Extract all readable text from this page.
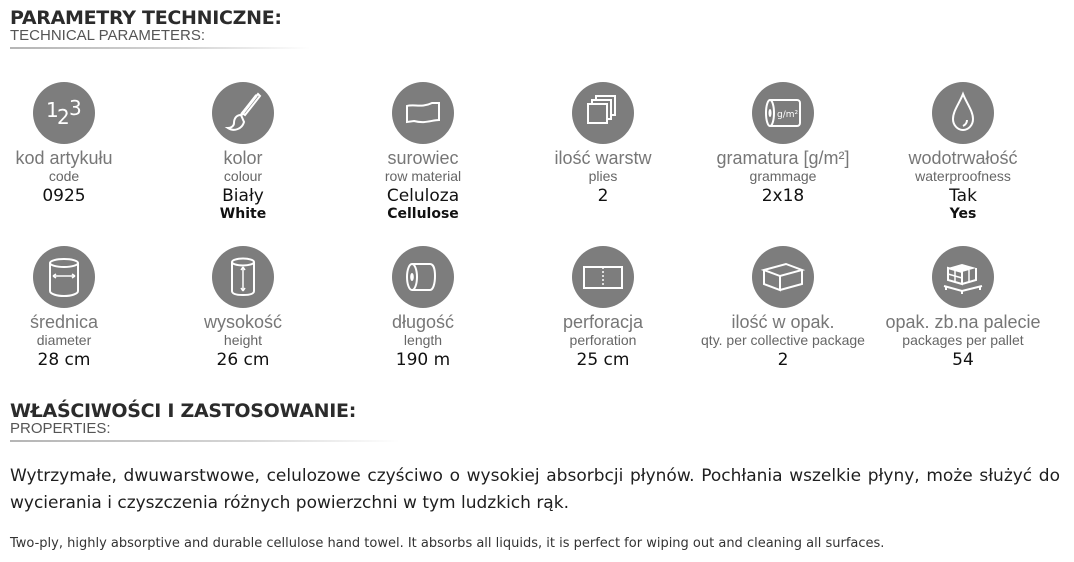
PARAMETRY TECHNICZNE:
TECHNICAL PARAMETERS:
1
2 3
kod artykułu
code
0925
kolor
colour
Biały
White
surowiec
row material
Celuloza
Cellulose
ilość warstw
plies
2
g/m²
gramatura [g/m²]
grammage
2x18
wodotrwałość
waterproofness
Tak
Yes
średnica
diameter
28 cm
wysokość
height
26 cm
długość
length
190 m
perforacja
perforation
25 cm
ilość w opak.
qty. per collective package
2
opak. zb.na palecie
packages per pallet
54
WŁAŚCIWOŚCI I ZASTOSOWANIE:
PROPERTIES:

Wytrzymałe, dwuwarstwowe, celulozowe czyściwo o wysokiej absorbcji płynów. Pochłania wszelkie płyny, może służyć do wycierania i czyszczenia różnych powierzchni w tym ludzkich rąk.

Two-ply, highly absorptive and durable cellulose hand towel. It absorbs all liquids, it is perfect for wiping out and cleaning all surfaces.
